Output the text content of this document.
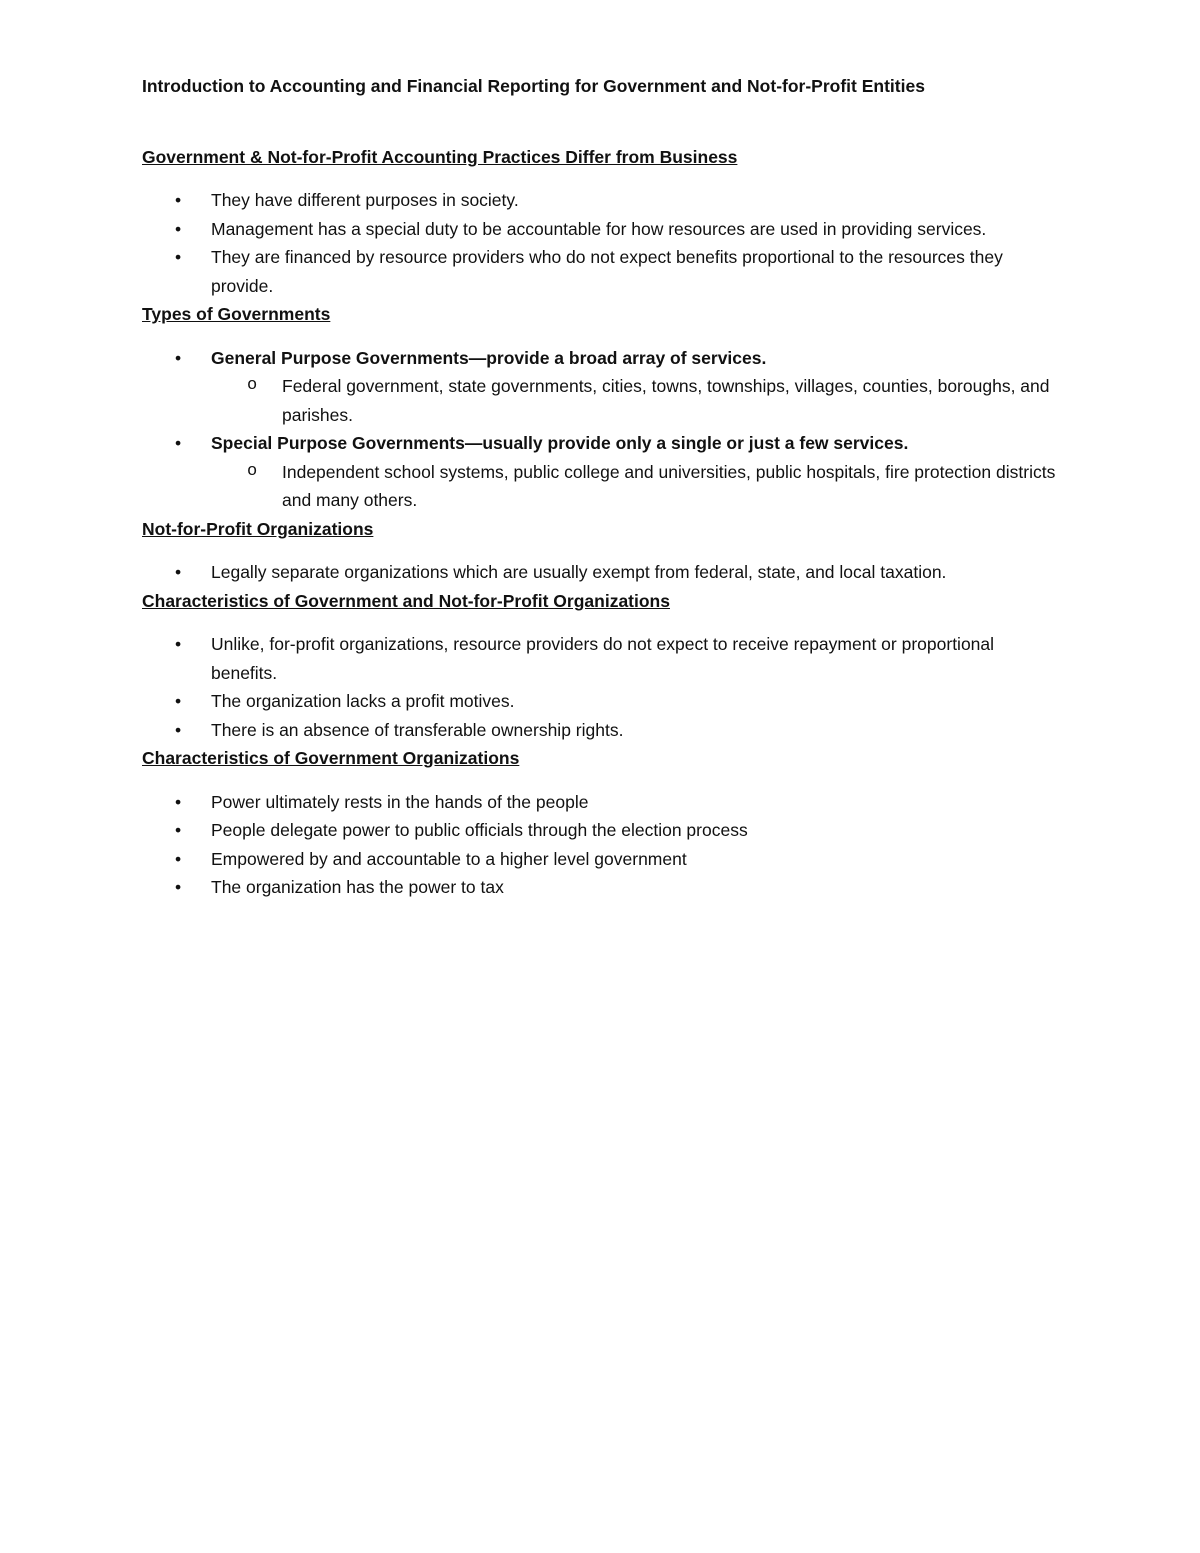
Introduction to Accounting and Financial Reporting for Government and Not-for-Profit Entities
Government & Not-for-Profit Accounting Practices Differ from Business
• They have different purposes in society.
• Management has a special duty to be accountable for how resources are used in providing services.
• They are financed by resource providers who do not expect benefits proportional to the resources they provide.
Types of Governments
• General Purpose Governments—provide a broad array of services.
o Federal government, state governments, cities, towns, townships, villages, counties, boroughs, and parishes.
• Special Purpose Governments—usually provide only a single or just a few services.
o Independent school systems, public college and universities, public hospitals, fire protection districts and many others.
Not-for-Profit Organizations
• Legally separate organizations which are usually exempt from federal, state, and local taxation.
Characteristics of Government and Not-for-Profit Organizations
• Unlike, for-profit organizations, resource providers do not expect to receive repayment or proportional benefits.
• The organization lacks a profit motives.
• There is an absence of transferable ownership rights.
Characteristics of Government Organizations
• Power ultimately rests in the hands of the people
• People delegate power to public officials through the election process
• Empowered by and accountable to a higher level government
• The organization has the power to tax
